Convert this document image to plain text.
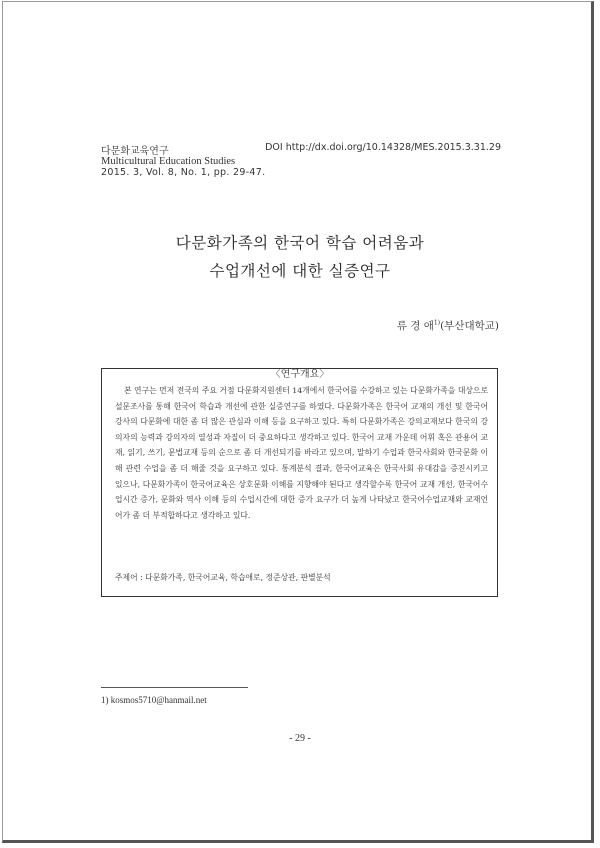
다문화교육연구
Multicultural Education Studies
2015. 3, Vol. 8, No. 1, pp. 29-47.
DOI http://dx.doi.org/10.14328/MES.2015.3.31.29
다문화가족의 한국어 학습 어려움과
수업개선에 대한 실증연구
류 경 애$^{1)}$(부산대학교)
〈연구개요〉

본 연구는 먼저 전국의 주요 거점 다문화지원센터 14개에서 한국어를 수강하고 있는 다문화가족을 대상으로 설문조사를 통해 한국어 학습과 개선에 관한 실증연구를 하였다. 다문화가족은 한국어 교재의 개선 및 한국어 강사의 다문화에 대한 좀 더 많은 관심과 이해 등을 요구하고 있다. 특히 다문화가족은 강의교재보다 한국의 강의자의 능력과 강의자의 열성과 자질이 더 중요하다고 생각하고 있다. 한국어 교재 가운데 어휘 혹은 관용어 교재, 읽기, 쓰기, 문법교재 등의 순으로 좀 더 개선되기를 바라고 있으며, 말하기 수업과 한국사회와 한국문화 이해 관련 수업을 좀 더 해줄 것을 요구하고 있다. 통계분석 결과, 한국어교육은 한국사회 유대감을 증진시키고 있으나, 다문화가족이 한국어교육은 상호문화 이해를 지향해야 된다고 생각할수록 한국어 교재 개선, 한국어수업시간 증가, 문화와 역사 이해 등의 수업시간에 대한 증가 요구가 더 높게 나타났고 한국어수업교재와 교재언어가 좀 더 부적합하다고 생각하고 있다.

주제어 : 다문화가족, 한국어교육, 학습애로, 정준상관, 판별분석
1) kosmos5710@hanmail.net
- 29 -
